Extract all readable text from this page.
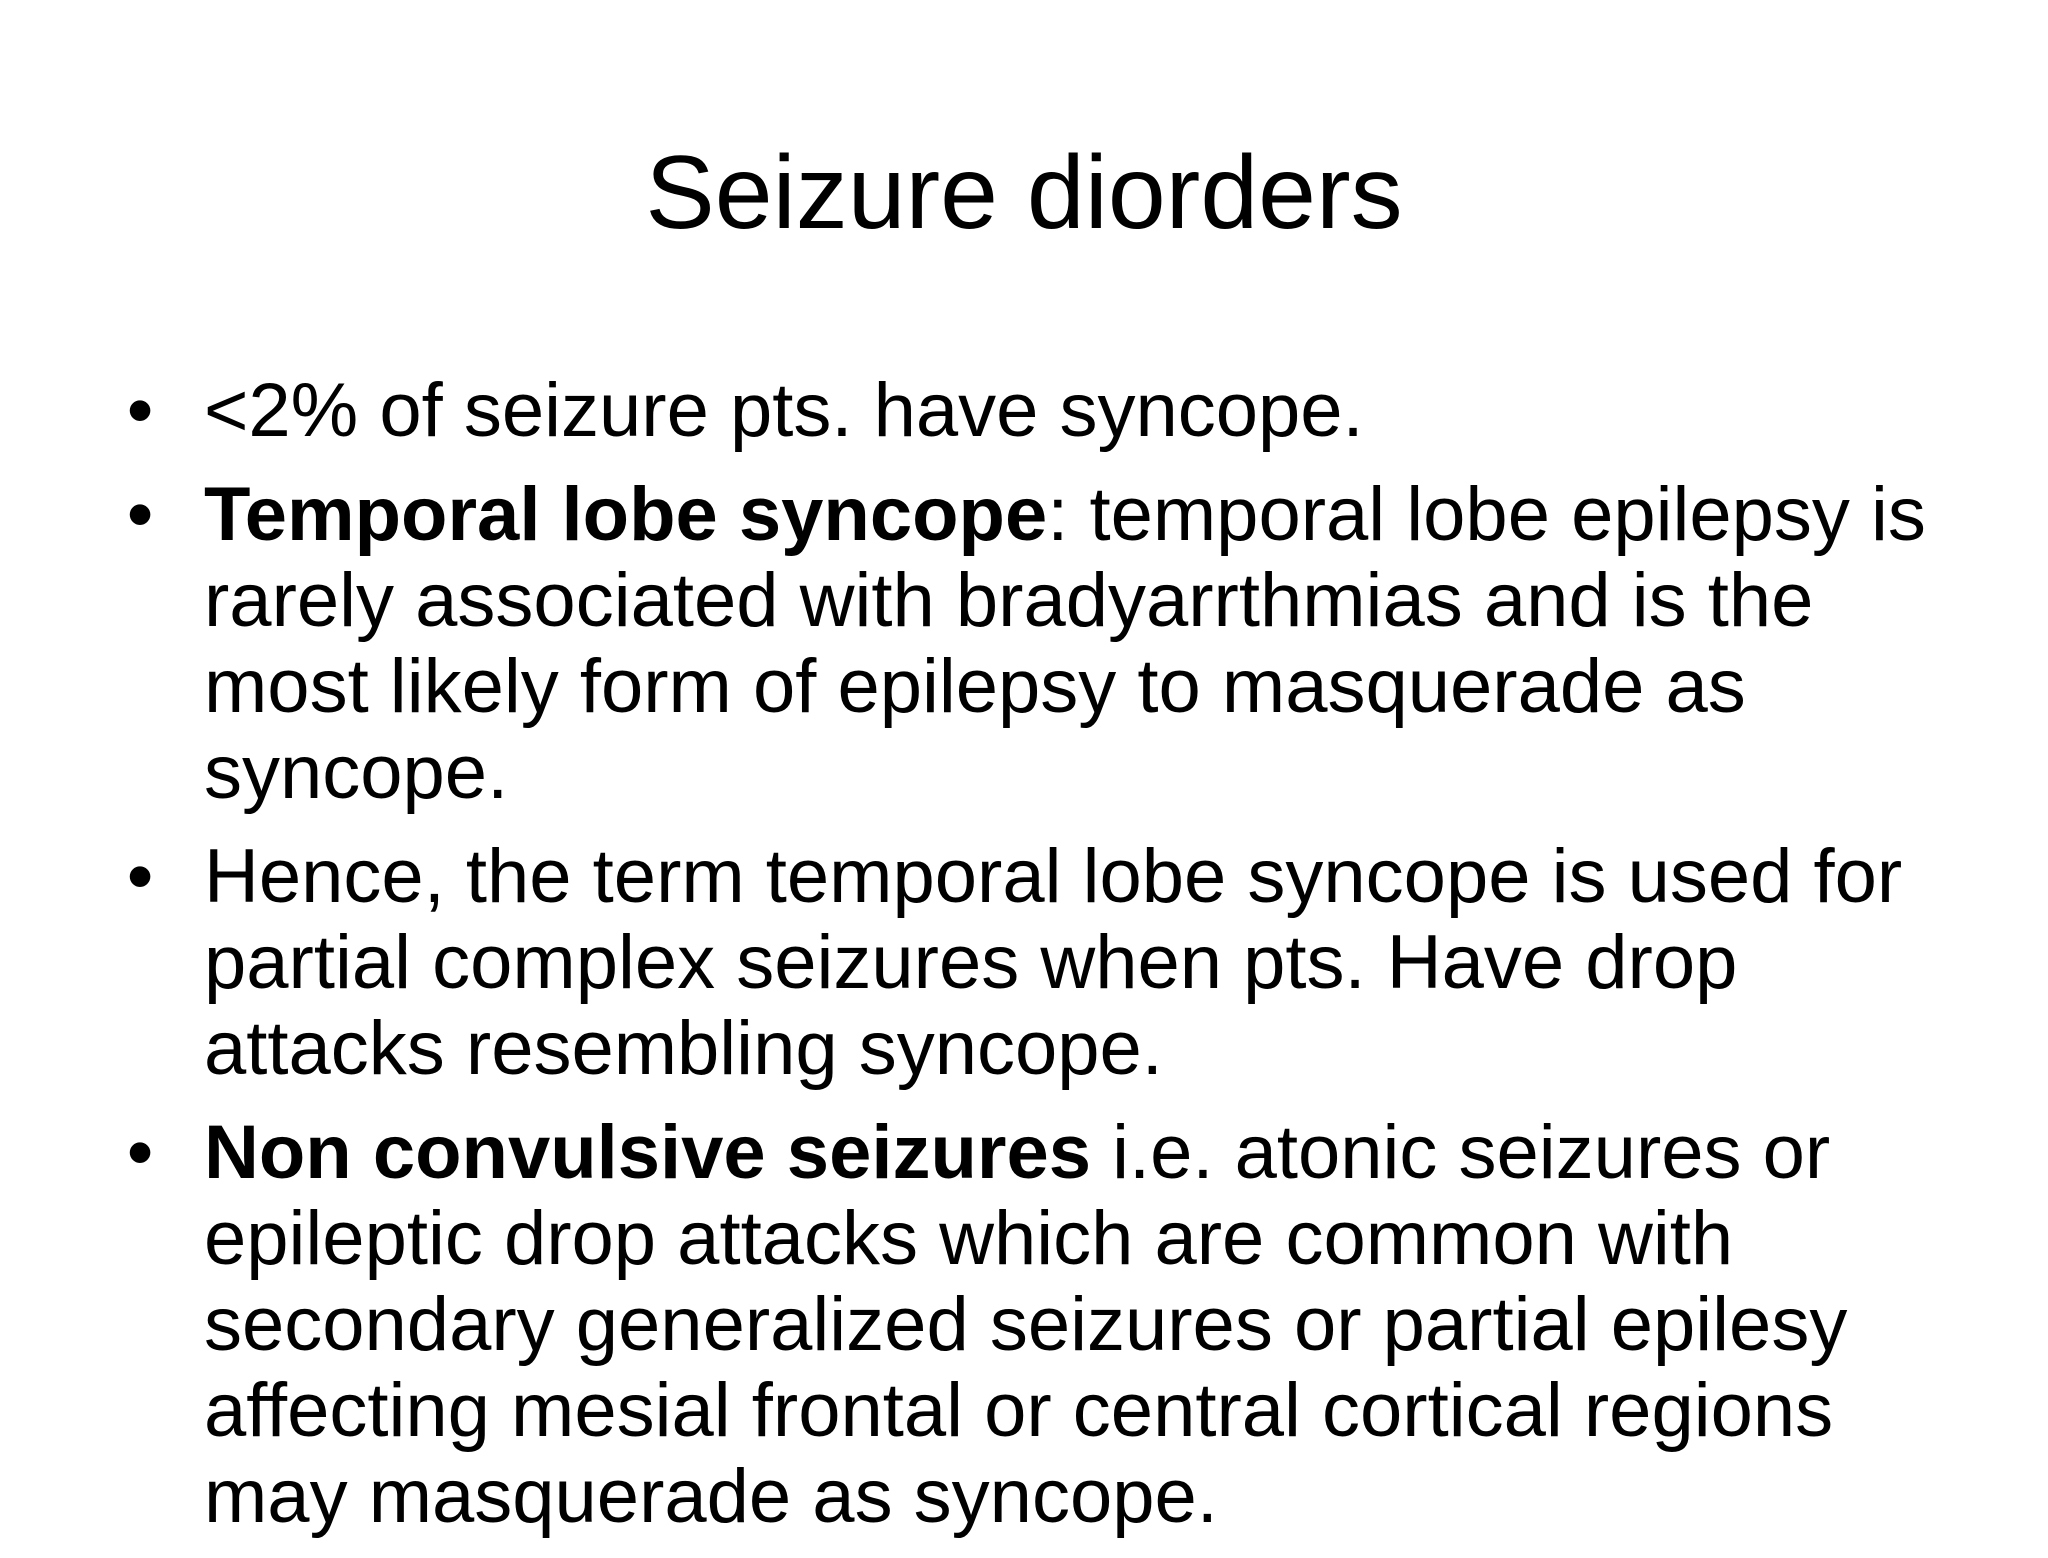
Seizure diorders
• <2% of seizure pts. have syncope.
• Temporal lobe syncope: temporal lobe epilepsy is rarely associated with bradyarrthmias and is the most likely form of epilepsy to masquerade as syncope.
• Hence, the term temporal lobe syncope is used for partial complex seizures when pts. Have drop attacks resembling syncope.
• Non convulsive seizures i.e. atonic seizures or epileptic drop attacks which are common with secondary generalized seizures or partial epilesy affecting mesial frontal or central cortical regions may masquerade as syncope.
